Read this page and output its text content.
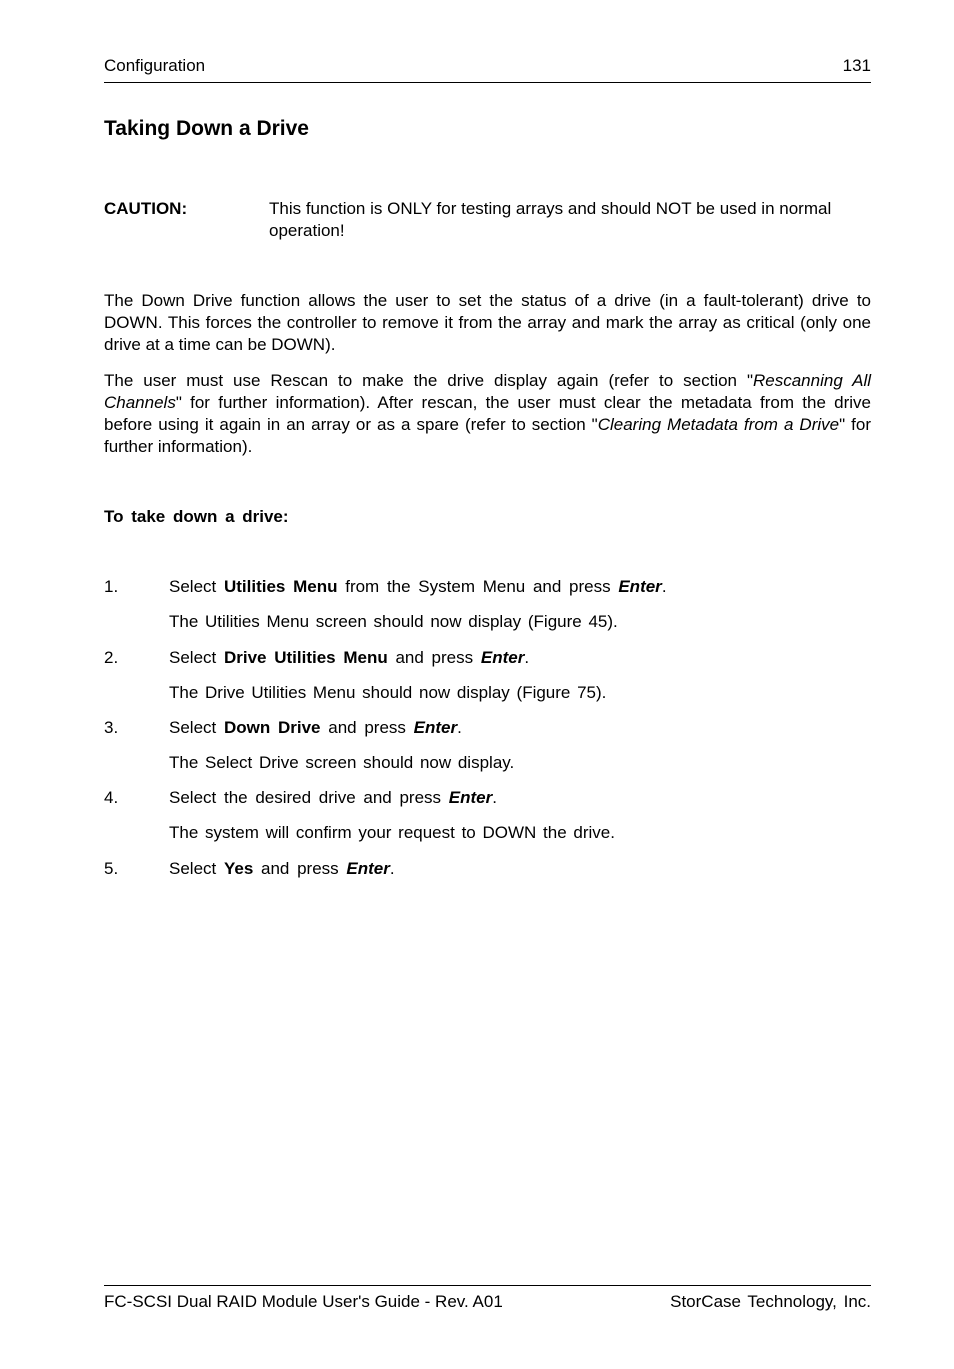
Configuration	131
Taking Down a Drive
CAUTION:	This function is ONLY for testing arrays and should NOT be used in normal operation!

The Down Drive function allows the user to set the status of a drive (in a fault-tolerant) drive to DOWN. This forces the controller to remove it from the array and mark the array as critical (only one drive at a time can be DOWN).

The user must use Rescan to make the drive display again (refer to section "Rescanning All Channels" for further information). After rescan, the user must clear the metadata from the drive before using it again in an array or as a spare (refer to section "Clearing Metadata from a Drive" for further information).

To take down a drive:
1.	Select Utilities Menu from the System Menu and press Enter.
The Utilities Menu screen should now display (Figure 45).
2.	Select Drive Utilities Menu and press Enter.
The Drive Utilities Menu should now display (Figure 75).
3.	Select Down Drive and press Enter.
The Select Drive screen should now display.
4.	Select the desired drive and press Enter.
The system will confirm your request to DOWN the drive.
5.	Select Yes and press Enter.
FC-SCSI Dual RAID Module User's Guide - Rev. A01	StorCase Technology, Inc.
